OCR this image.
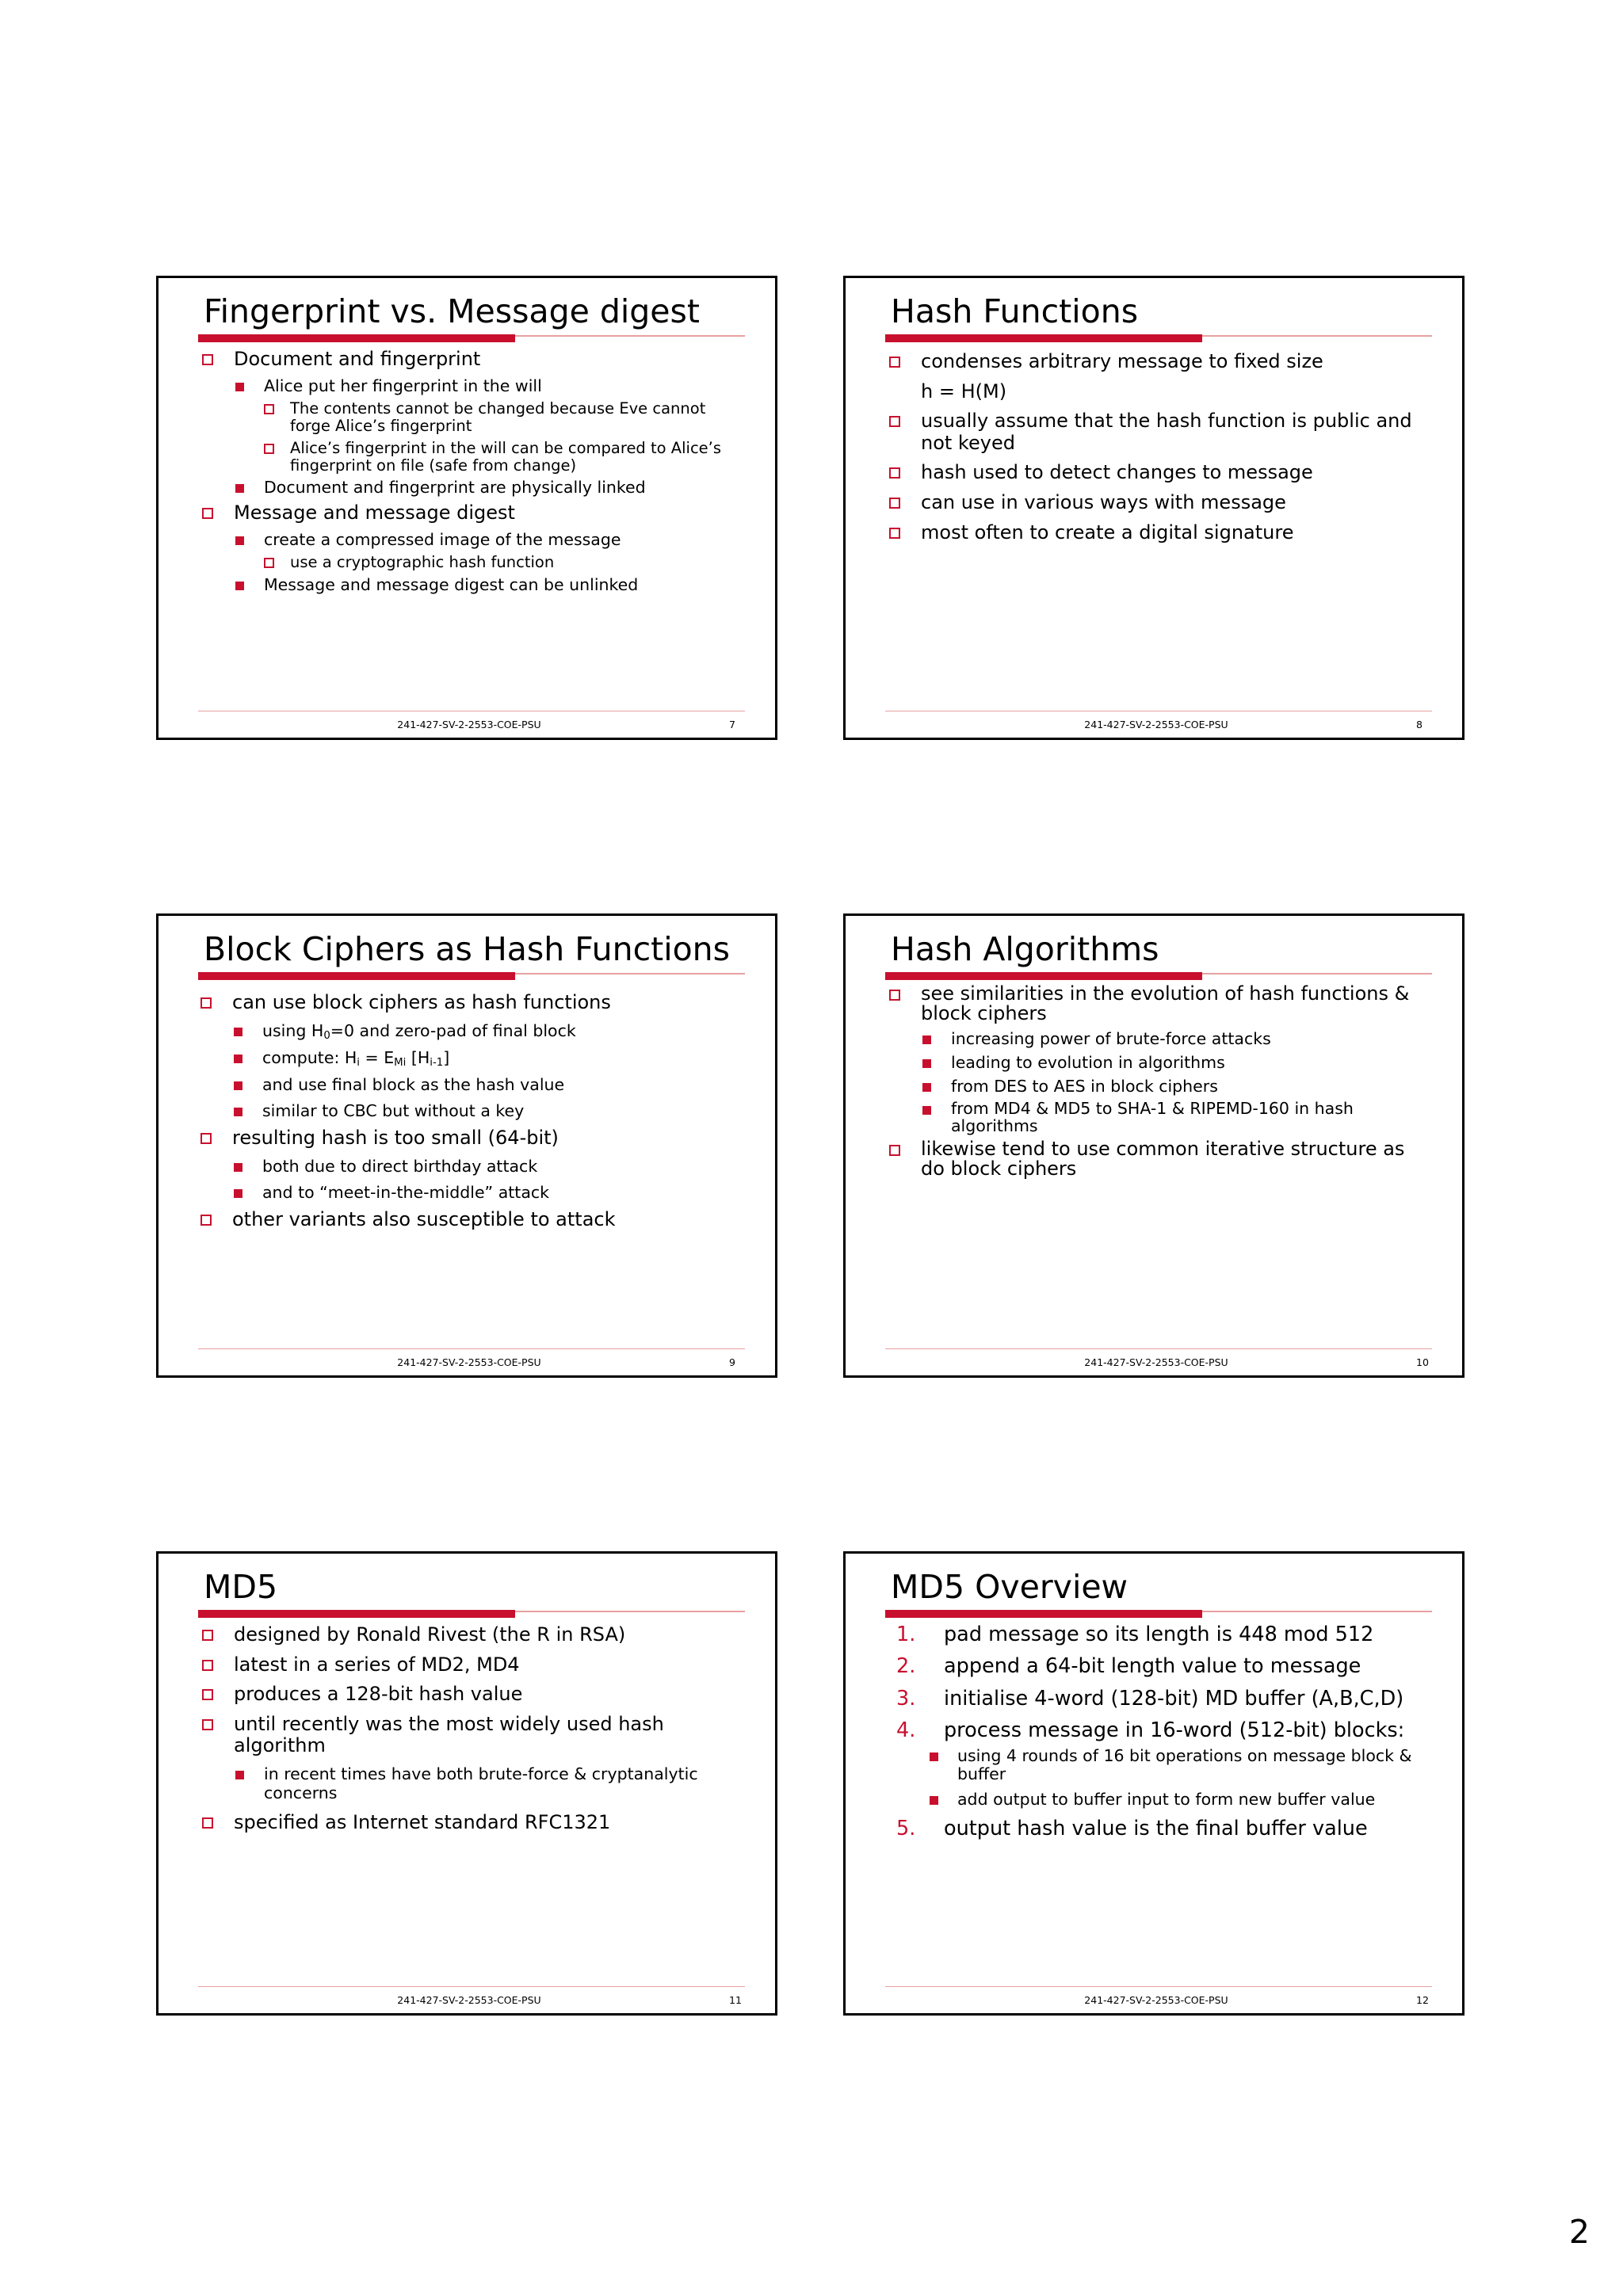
Fingerprint vs. Message digest
Document and fingerprint
Alice put her fingerprint in the will
The contents cannot be changed because Eve cannot forge Alice’s fingerprint
Alice’s fingerprint in the will can be compared to Alice’s fingerprint on file (safe from change)
Document and fingerprint are physically linked
Message and message digest
create a compressed image of the message
use a cryptographic hash function
Message and message digest can be unlinked
241-427-SV-2-2553-COE-PSU	7
Hash Functions
condenses arbitrary message to fixed size
h = H(M)
usually assume that the hash function is public and not keyed
hash used to detect changes to message
can use in various ways with message
most often to create a digital signature
241-427-SV-2-2553-COE-PSU	8
Block Ciphers as Hash Functions
can use block ciphers as hash functions
using $H_0=0$ and zero-pad of final block
compute: $H_i = E_{Mi}$ $[H_{i-1}]$
and use final block as the hash value
similar to CBC but without a key
resulting hash is too small (64-bit)
both due to direct birthday attack
and to “meet-in-the-middle” attack
other variants also susceptible to attack
241-427-SV-2-2553-COE-PSU	9
Hash Algorithms
see similarities in the evolution of hash functions & block ciphers
increasing power of brute-force attacks
leading to evolution in algorithms
from DES to AES in block ciphers
from MD4 & MD5 to SHA-1 & RIPEMD-160 in hash algorithms
likewise tend to use common iterative structure as do block ciphers
241-427-SV-2-2553-COE-PSU	10
MD5
designed by Ronald Rivest (the R in RSA)
latest in a series of MD2, MD4
produces a 128-bit hash value
until recently was the most widely used hash algorithm
in recent times have both brute-force & cryptanalytic concerns
specified as Internet standard RFC1321
241-427-SV-2-2553-COE-PSU	11
MD5 Overview
1. pad message so its length is 448 mod 512
2. append a 64-bit length value to message
3. initialise 4-word (128-bit) MD buffer (A,B,C,D)
4. process message in 16-word (512-bit) blocks:
using 4 rounds of 16 bit operations on message block & buffer
add output to buffer input to form new buffer value
5. output hash value is the final buffer value
241-427-SV-2-2553-COE-PSU	12
2
